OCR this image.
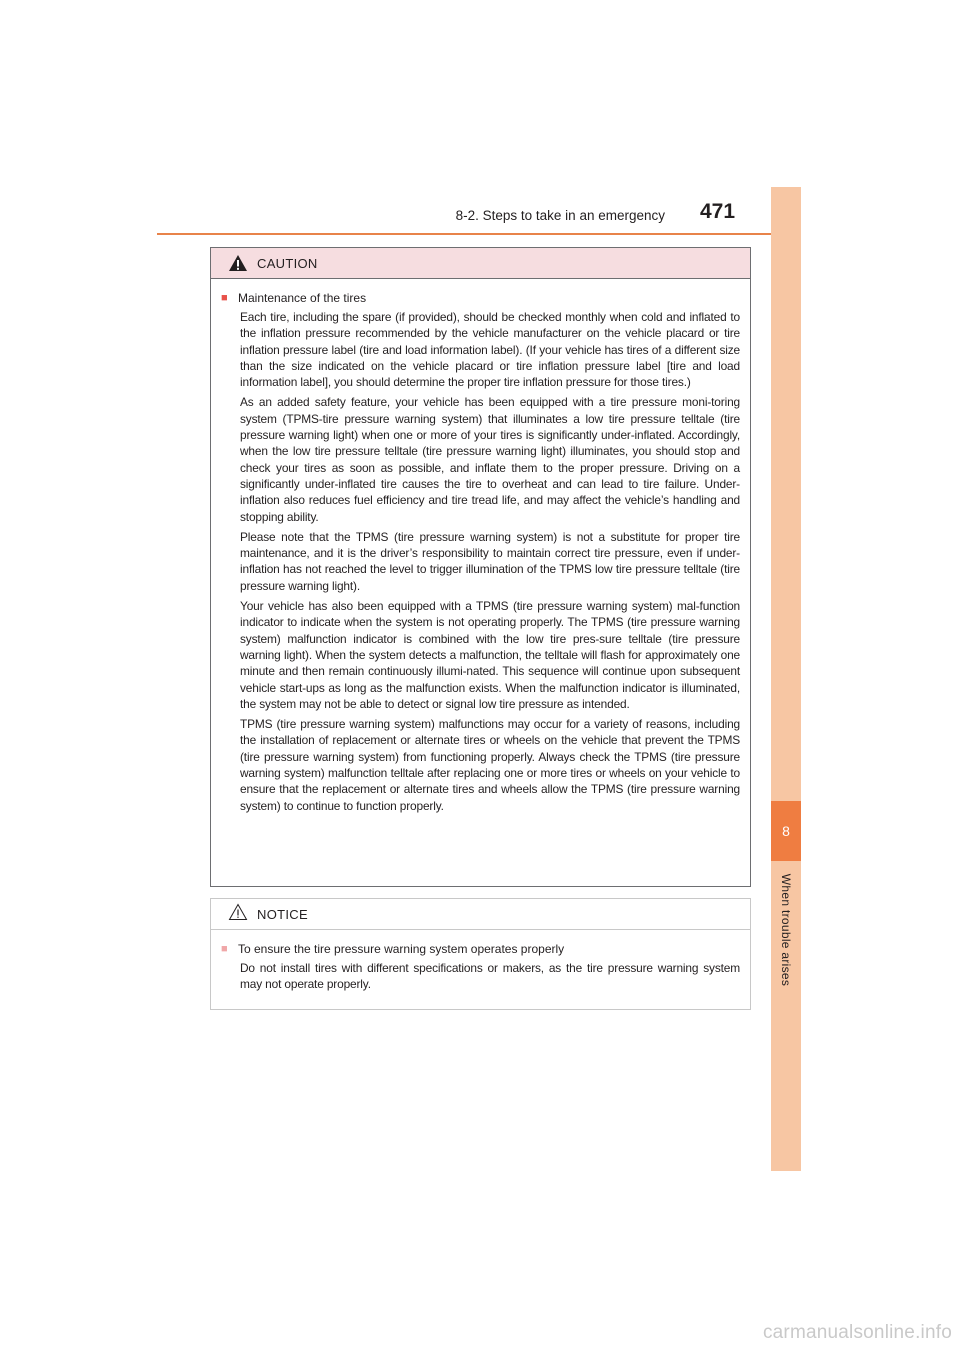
8-2. Steps to take in an emergency 471
8
When trouble arises
CAUTION
■ Maintenance of the tires

Each tire, including the spare (if provided), should be checked monthly when cold and inflated to the inflation pressure recommended by the vehicle manufacturer on the vehicle placard or tire inflation pressure label (tire and load information label). (If your vehicle has tires of a different size than the size indicated on the vehicle placard or tire inflation pressure label [tire and load information label], you should determine the proper tire inflation pressure for those tires.)

As an added safety feature, your vehicle has been equipped with a tire pressure moni-toring system (TPMS-tire pressure warning system) that illuminates a low tire pressure telltale (tire pressure warning light) when one or more of your tires is significantly under-inflated. Accordingly, when the low tire pressure telltale (tire pressure warning light) illuminates, you should stop and check your tires as soon as possible, and inflate them to the proper pressure. Driving on a significantly under-inflated tire causes the tire to overheat and can lead to tire failure. Under-inflation also reduces fuel efficiency and tire tread life, and may affect the vehicle’s handling and stopping ability.

Please note that the TPMS (tire pressure warning system) is not a substitute for proper tire maintenance, and it is the driver’s responsibility to maintain correct tire pressure, even if under-inflation has not reached the level to trigger illumination of the TPMS low tire pressure telltale (tire pressure warning light).

Your vehicle has also been equipped with a TPMS (tire pressure warning system) mal-function indicator to indicate when the system is not operating properly. The TPMS (tire pressure warning system) malfunction indicator is combined with the low tire pres-sure telltale (tire pressure warning light). When the system detects a malfunction, the telltale will flash for approximately one minute and then remain continuously illumi-nated. This sequence will continue upon subsequent vehicle start-ups as long as the malfunction exists. When the malfunction indicator is illuminated, the system may not be able to detect or signal low tire pressure as intended.

TPMS (tire pressure warning system) malfunctions may occur for a variety of reasons, including the installation of replacement or alternate tires or wheels on the vehicle that prevent the TPMS (tire pressure warning system) from functioning properly. Always check the TPMS (tire pressure warning system) malfunction telltale after replacing one or more tires or wheels on your vehicle to ensure that the replacement or alternate tires and wheels allow the TPMS (tire pressure warning system) to continue to function properly.

NOTICE
■ To ensure the tire pressure warning system operates properly

Do not install tires with different specifications or makers, as the tire pressure warning system may not operate properly.

carmanualsonline.info
